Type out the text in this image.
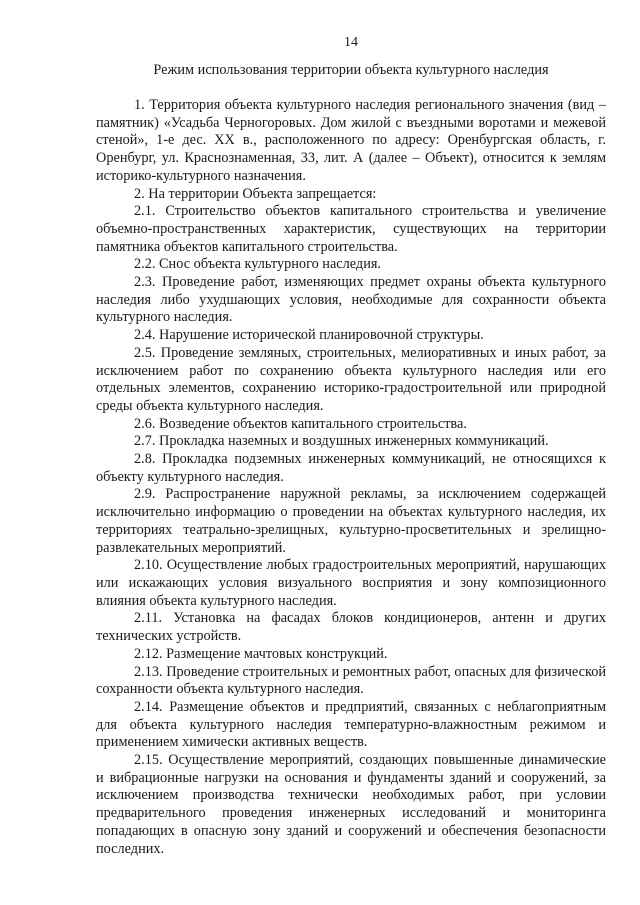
14
Режим использования территории объекта культурного наследия

1. Территория объекта культурного наследия регионального значения (вид – памятник) «Усадьба Черногоровых. Дом жилой с въездными воротами и межевой стеной», 1-е дес. XX в., расположенного по адресу: Оренбургская область, г. Оренбург, ул. Краснознаменная, 33, лит. А (далее – Объект), относится к землям историко-культурного назначения.

2. На территории Объекта запрещается:

2.1. Строительство объектов капитального строительства и увеличение объемно-пространственных характеристик, существующих на территории памятника объектов капитального строительства.

2.2. Снос объекта культурного наследия.

2.3. Проведение работ, изменяющих предмет охраны объекта культурного наследия либо ухудшающих условия, необходимые для сохранности объекта культурного наследия.

2.4. Нарушение исторической планировочной структуры.

2.5. Проведение земляных, строительных, мелиоративных и иных работ, за исключением работ по сохранению объекта культурного наследия или его отдельных элементов, сохранению историко-градостроительной или природной среды объекта культурного наследия.

2.6. Возведение объектов капитального строительства.

2.7. Прокладка наземных и воздушных инженерных коммуникаций.

2.8. Прокладка подземных инженерных коммуникаций, не относящихся к объекту культурного наследия.

2.9. Распространение наружной рекламы, за исключением содержащей исключительно информацию о проведении на объектах культурного наследия, их территориях театрально-зрелищных, культурно-просветительных и зрелищно-развлекательных мероприятий.

2.10. Осуществление любых градостроительных мероприятий, нарушающих или искажающих условия визуального восприятия и зону композиционного влияния объекта культурного наследия.

2.11. Установка на фасадах блоков кондиционеров, антенн и других технических устройств.

2.12. Размещение мачтовых конструкций.

2.13. Проведение строительных и ремонтных работ, опасных для физической сохранности объекта культурного наследия.

2.14. Размещение объектов и предприятий, связанных с неблагоприятным для объекта культурного наследия температурно-влажностным режимом и применением химически активных веществ.

2.15. Осуществление мероприятий, создающих повышенные динамические и вибрационные нагрузки на основания и фундаменты зданий и сооружений, за исключением производства технически необходимых работ, при условии предварительного проведения инженерных исследований и мониторинга попадающих в опасную зону зданий и сооружений и обеспечения безопасности последних.
